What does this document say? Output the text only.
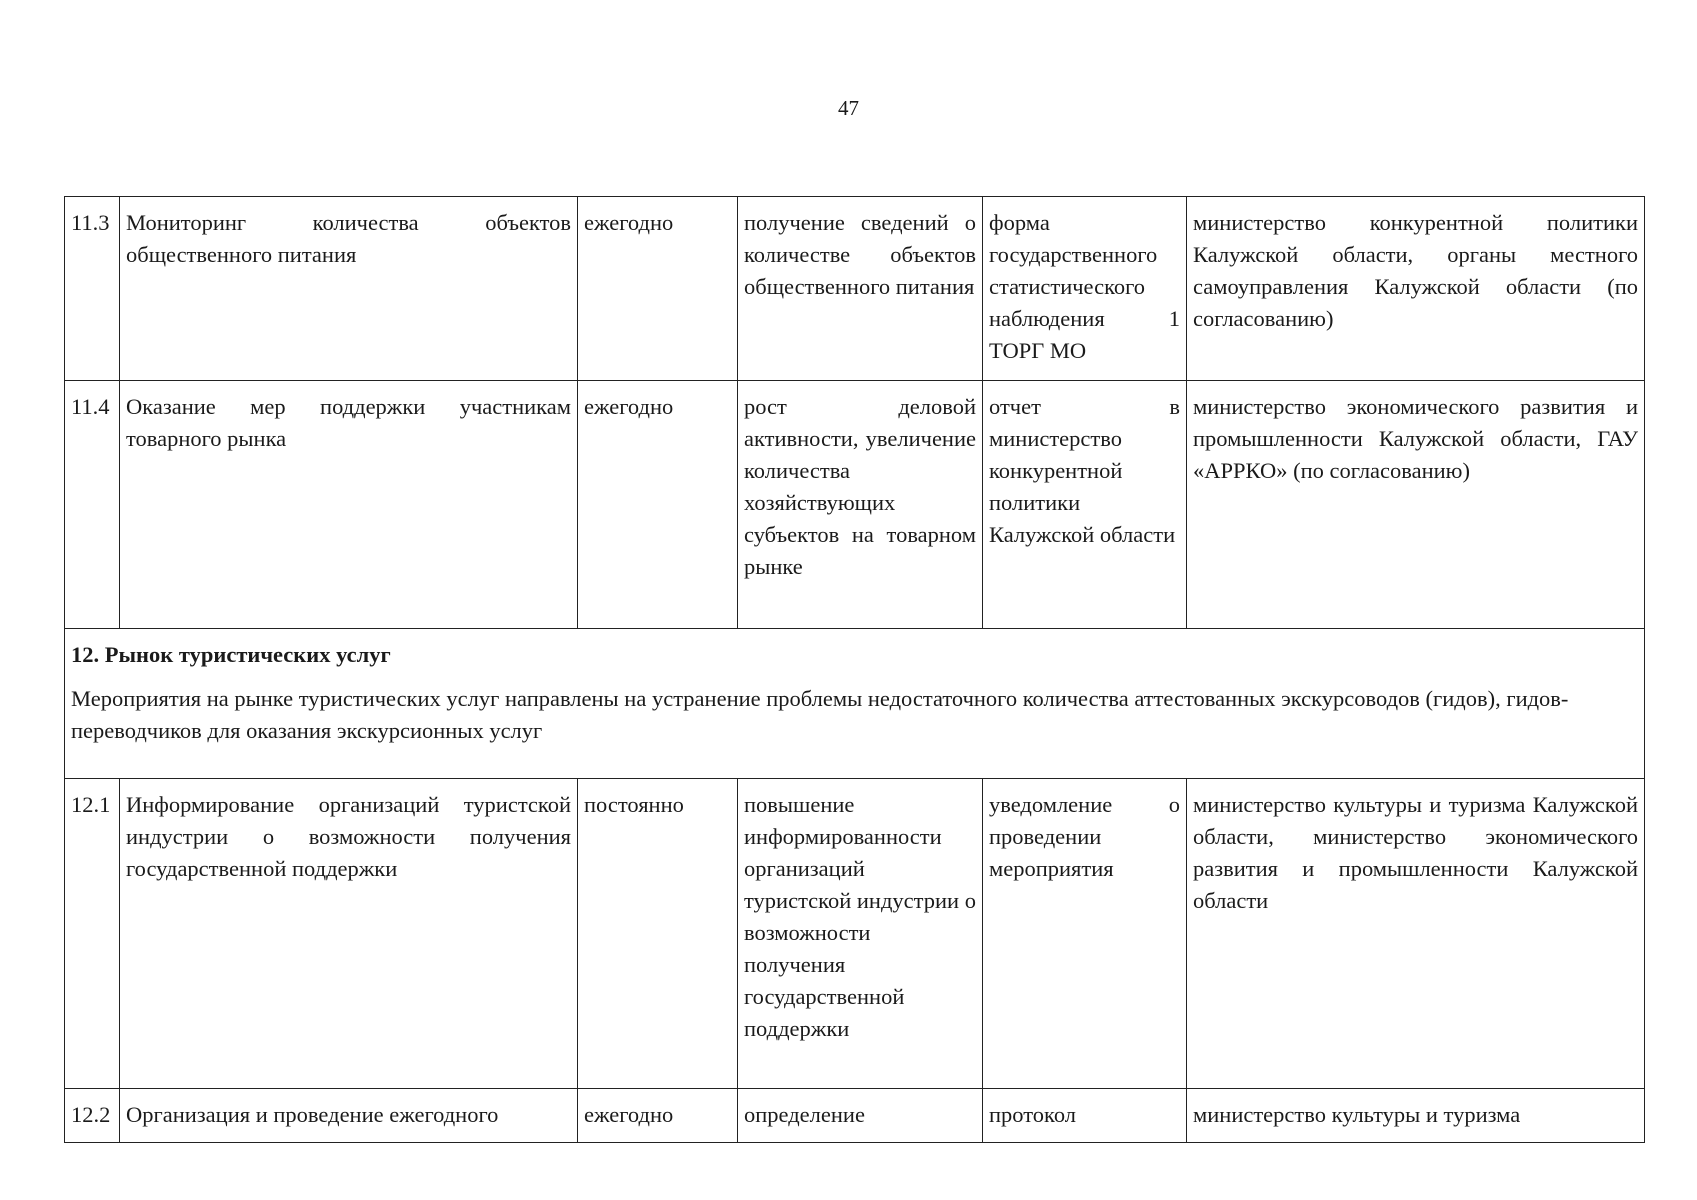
47
11.3	Мониторинг количества объектов общественного питания	ежегодно	получение сведений о количестве объектов общественного питания	форма государственного статистического наблюдения 1 ТОРГ МО	министерство конкурентной политики Калужской области, органы местного самоуправления Калужской области (по согласованию)
11.4	Оказание мер поддержки участникам товарного рынка	ежегодно	рост деловой активности, увеличение количества хозяйствующих субъектов на товарном рынке	отчет в министерство конкурентной политики Калужской области	министерство экономического развития и промышленности Калужской области, ГАУ «АРРКО» (по согласованию)

12. Рынок туристических услуг
Мероприятия на рынке туристических услуг направлены на устранение проблемы недостаточного количества аттестованных экскурсоводов (гидов), гидов-переводчиков для оказания экскурсионных услуг					

12.1	Информирование организаций туристской индустрии о возможности получения государственной поддержки	постоянно	повышение информированности организаций туристской индустрии о возможности получения государственной поддержки	уведомление о проведении мероприятия	министерство культуры и туризма Калужской области, министерство экономического развития и промышленности Калужской области
12.2	Организация и проведение ежегодного	ежегодно	определение	протокол	министерство культуры и туризма
